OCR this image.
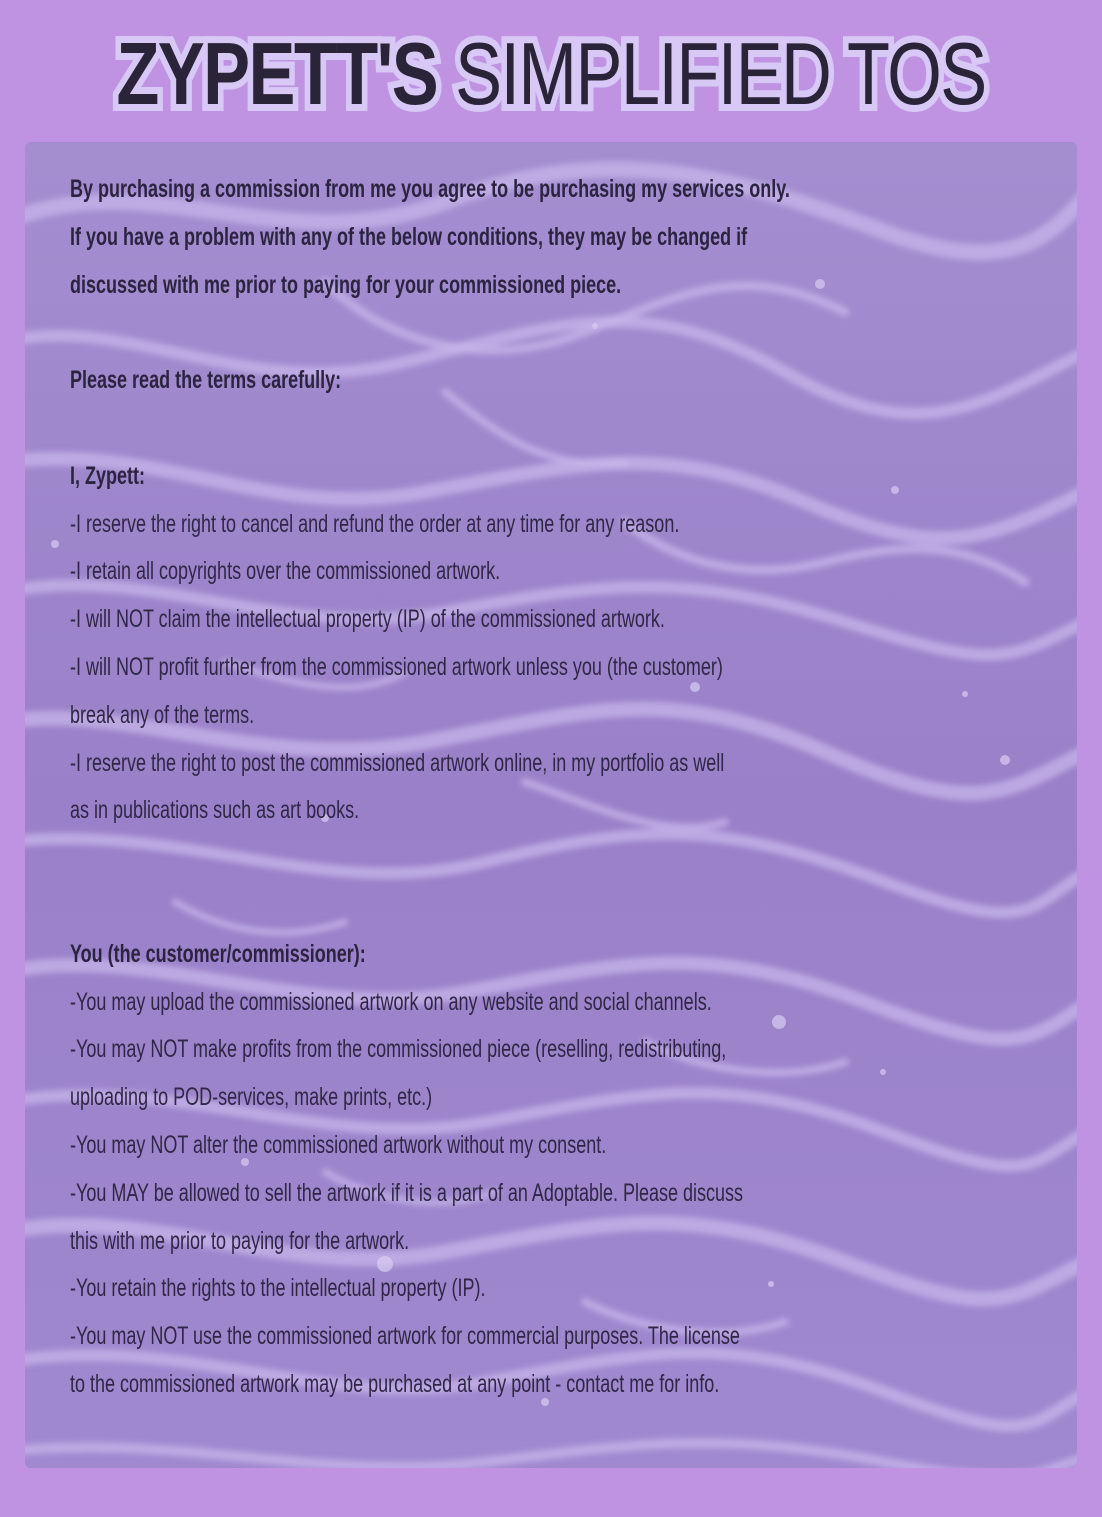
ZYPETT'S SIMPLIFIED TOS

By purchasing a commission from me you agree to be purchasing my services only.

If you have a problem with any of the below conditions, they may be changed if

discussed with me prior to paying for your commissioned piece.

Please read the terms carefully:

I, Zypett:

-I reserve the right to cancel and refund the order at any time for any reason.

-I retain all copyrights over the commissioned artwork.

-I will NOT claim the intellectual property (IP) of the commissioned artwork.

-I will NOT profit further from the commissioned artwork unless you (the customer)

break any of the terms.

-I reserve the right to post the commissioned artwork online, in my portfolio as well

as in publications such as art books.

You (the customer/commissioner):

-You may upload the commissioned artwork on any website and social channels.

-You may NOT make profits from the commissioned piece (reselling, redistributing,

uploading to POD-services, make prints, etc.)

-You may NOT alter the commissioned artwork without my consent.

-You MAY be allowed to sell the artwork if it is a part of an Adoptable. Please discuss

this with me prior to paying for the artwork.

-You retain the rights to the intellectual property (IP).

-You may NOT use the commissioned artwork for commercial purposes. The license

to the commissioned artwork may be purchased at any point - contact me for info.
